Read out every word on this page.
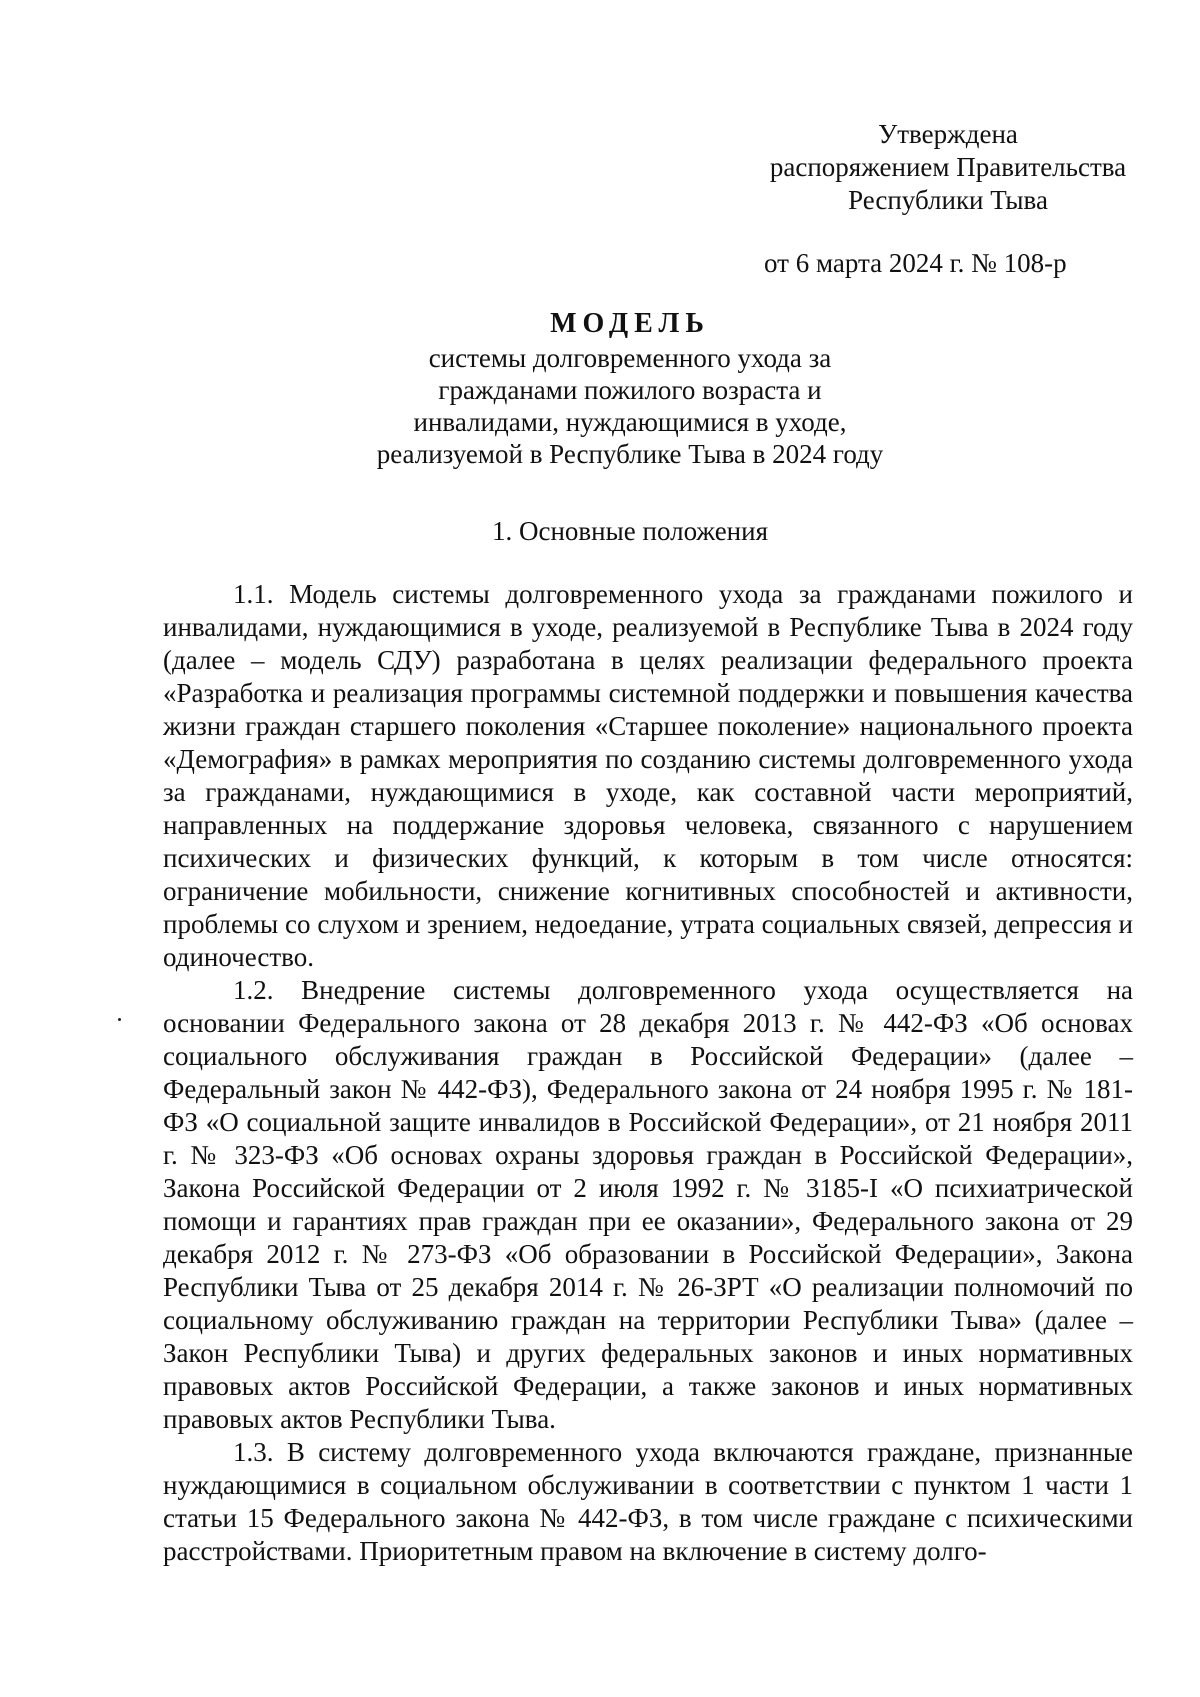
Утверждена
распоряжением Правительства
Республики Тыва
от 6 марта 2024 г. № 108-р
МОДЕЛЬ
системы долговременного ухода за
гражданами пожилого возраста и
инвалидами, нуждающимися в уходе,
реализуемой в Республике Тыва в 2024 году
1. Основные положения

1.1. Модель системы долговременного ухода за гражданами пожилого и инвалидами, нуждающимися в уходе, реализуемой в Республике Тыва в 2024 году (далее – модель СДУ) разработана в целях реализации федерального проекта «Разработка и реализация программы системной поддержки и повышения качества жизни граждан старшего поколения «Старшее поколение» национального проекта «Демография» в рамках мероприятия по созданию системы долговременного ухода за гражданами, нуждающимися в уходе, как составной части мероприятий, направленных на поддержание здоровья человека, связанного с нарушением психических и физических функций, к которым в том числе относятся: ограничение мобильности, снижение когнитивных способностей и активности, проблемы со слухом и зрением, недоедание, утрата социальных связей, депрессия и одиночество.

1.2. Внедрение системы долговременного ухода осуществляется на основании Федерального закона от 28 декабря 2013 г. № 442-ФЗ «Об основах социального обслуживания граждан в Российской Федерации» (далее – Федеральный закон № 442-ФЗ), Федерального закона от 24 ноября 1995 г. № 181-ФЗ «О социальной защите инвалидов в Российской Федерации», от 21 ноября 2011 г. № 323-ФЗ «Об основах охраны здоровья граждан в Российской Федерации», Закона Российской Федерации от 2 июля 1992 г. № 3185-I «О психиатрической помощи и гарантиях прав граждан при ее оказании», Федерального закона от 29 декабря 2012 г. № 273-ФЗ «Об образовании в Российской Федерации», Закона Республики Тыва от 25 декабря 2014 г. № 26-ЗРТ «О реализации полномочий по социальному обслуживанию граждан на территории Республики Тыва» (далее – Закон Республики Тыва) и других федеральных законов и иных нормативных правовых актов Российской Федерации, а также законов и иных нормативных правовых актов Республики Тыва.

1.3. В систему долговременного ухода включаются граждане, признанные нуждающимися в социальном обслуживании в соответствии с пунктом 1 части 1 статьи 15 Федерального закона № 442-ФЗ, в том числе граждане с психическими расстройствами. Приоритетным правом на включение в систему долго-
